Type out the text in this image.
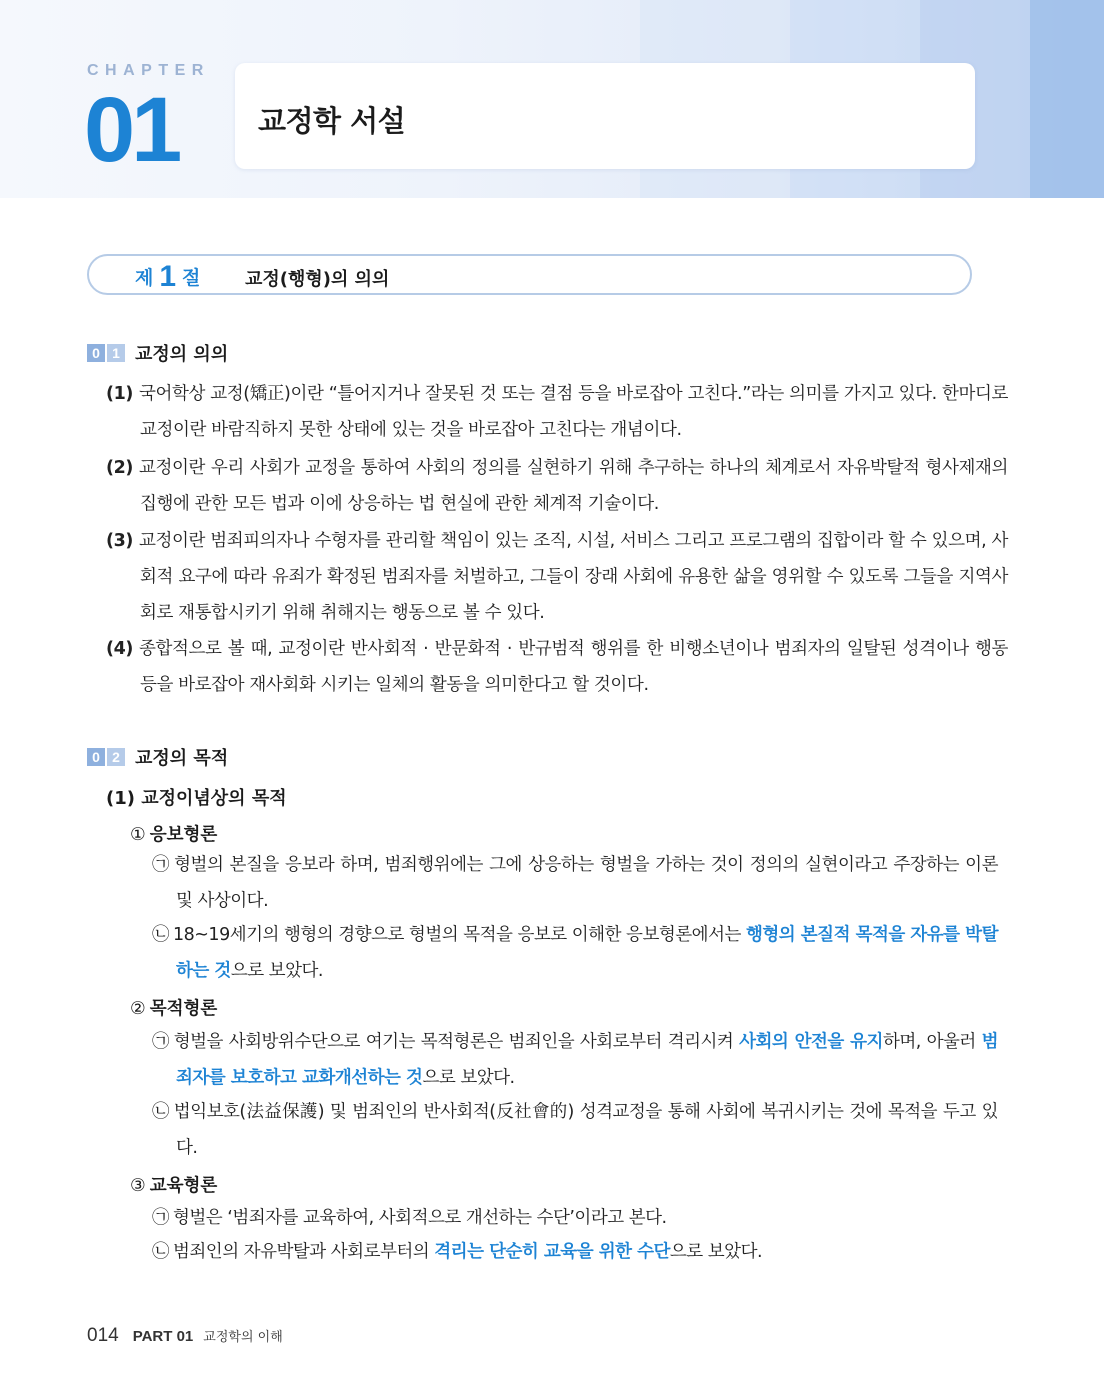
CHAPTER
01	교정학 서설
제 1 절 교정(행형)의 의의
0 1 교정의 의의
(1) 국어학상 교정(矯正)이란 “틀어지거나 잘못된 것 또는 결점 등을 바로잡아 고친다.”라는 의미를 가지고 있다. 한마디로 교정이란 바람직하지 못한 상태에 있는 것을 바로잡아 고친다는 개념이다.
(2) 교정이란 우리 사회가 교정을 통하여 사회의 정의를 실현하기 위해 추구하는 하나의 체계로서 자유박탈적 형사제재의 집행에 관한 모든 법과 이에 상응하는 법 현실에 관한 체계적 기술이다.
(3) 교정이란 범죄피의자나 수형자를 관리할 책임이 있는 조직, 시설, 서비스 그리고 프로그램의 집합이라 할 수 있으며, 사회적 요구에 따라 유죄가 확정된 범죄자를 처벌하고, 그들이 장래 사회에 유용한 삶을 영위할 수 있도록 그들을 지역사회로 재통합시키기 위해 취해지는 행동으로 볼 수 있다.
(4) 종합적으로 볼 때, 교정이란 반사회적 · 반문화적 · 반규범적 행위를 한 비행소년이나 범죄자의 일탈된 성격이나 행동 등을 바로잡아 재사회화 시키는 일체의 활동을 의미한다고 할 것이다.
0 2 교정의 목적
(1) 교정이념상의 목적
① 응보형론
㉠ 형벌의 본질을 응보라 하며, 범죄행위에는 그에 상응하는 형벌을 가하는 것이 정의의 실현이라고 주장하는 이론 및 사상이다.
㉡ 18~19세기의 행형의 경향으로 형벌의 목적을 응보로 이해한 응보형론에서는 행형의 본질적 목적을 자유를 박탈하는 것으로 보았다.
② 목적형론
㉠ 형벌을 사회방위수단으로 여기는 목적형론은 범죄인을 사회로부터 격리시켜 사회의 안전을 유지하며, 아울러 범죄자를 보호하고 교화개선하는 것으로 보았다.
㉡ 법익보호(法益保護) 및 범죄인의 반사회적(反社會的) 성격교정을 통해 사회에 복귀시키는 것에 목적을 두고 있다.
③ 교육형론
㉠ 형벌은 ‘범죄자를 교육하여, 사회적으로 개선하는 수단’이라고 본다.
㉡ 범죄인의 자유박탈과 사회로부터의 격리는 단순히 교육을 위한 수단으로 보았다.
014 PART 01 교정학의 이해
